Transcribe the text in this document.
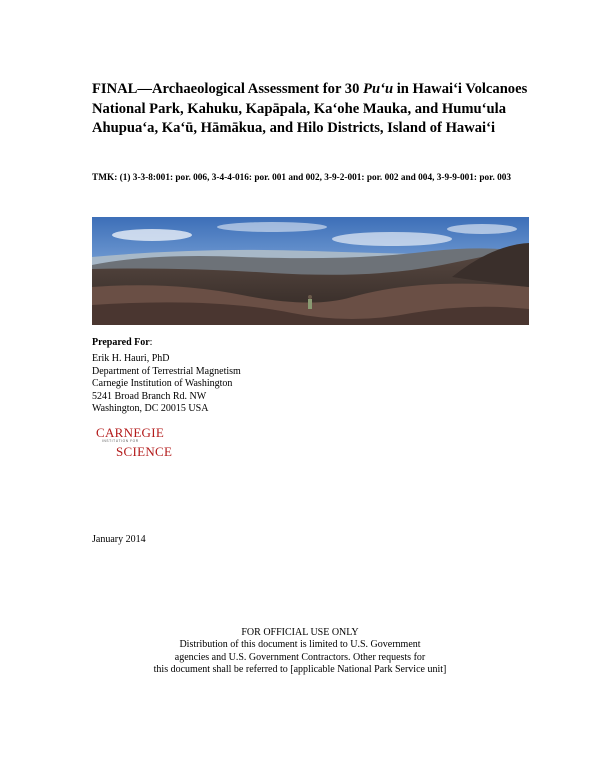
FINAL—Archaeological Assessment for 30 Pu‘u in Hawai‘i Volcanoes National Park, Kahuku, Kapāpala, Ka‘ohe Mauka, and Humu‘ula Ahupua‘a, Ka‘ū, Hāmākua, and Hilo Districts, Island of Hawai‘i
TMK: (1) 3-3-8:001: por. 006, 3-4-4-016: por. 001 and 002, 3-9-2-001: por. 002 and 004, 3-9-9-001: por. 003
Prepared For:
Erik H. Hauri, PhD
Department of Terrestrial Magnetism
Carnegie Institution of Washington
5241 Broad Branch Rd. NW
Washington, DC 20015 USA
CARNEGIE
INSTITUTION FOR
SCIENCE
January 2014
FOR OFFICIAL USE ONLY
Distribution of this document is limited to U.S. Government
agencies and U.S. Government Contractors. Other requests for
this document shall be referred to [applicable National Park Service unit]
